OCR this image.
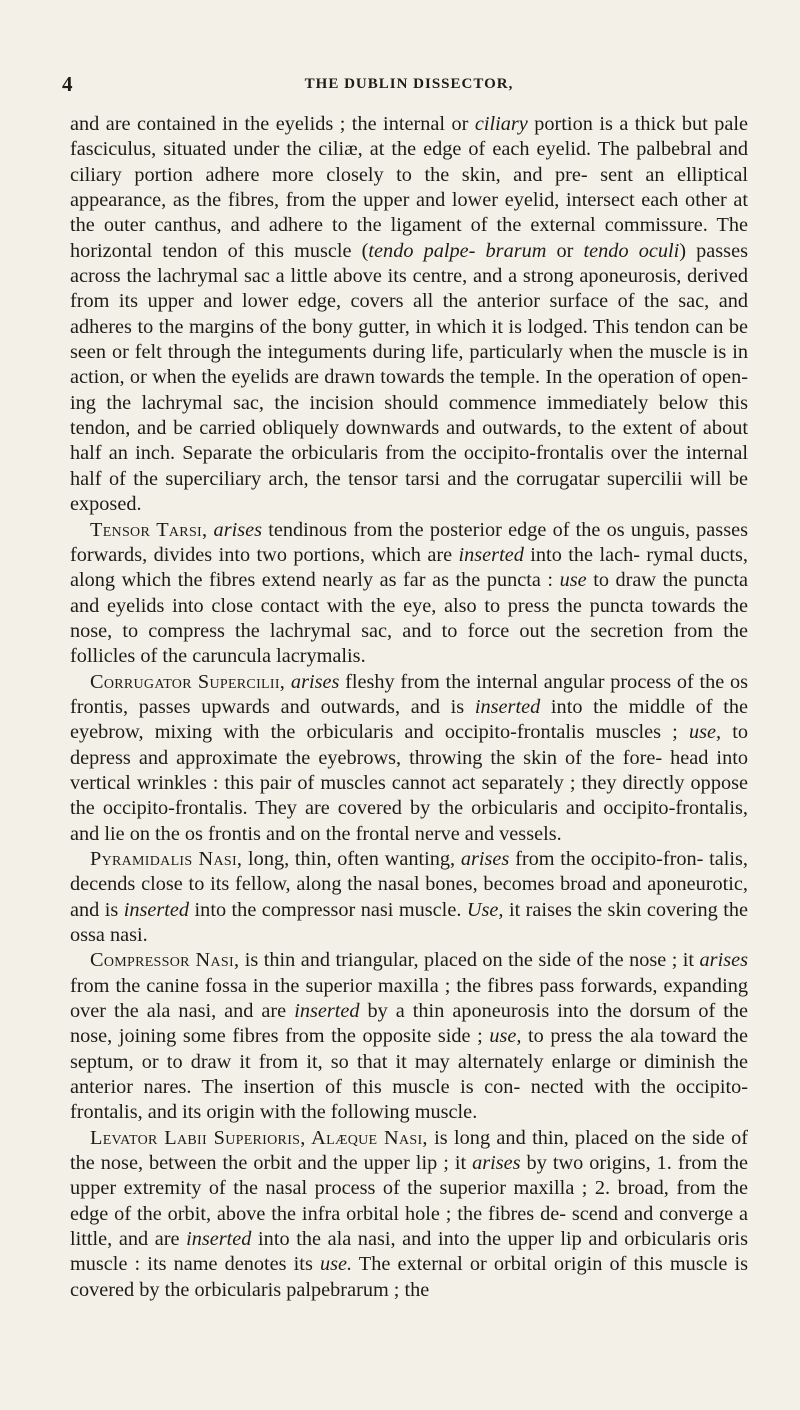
4	THE DUBLIN DISSECTOR,

and are contained in the eyelids ; the internal or ciliary portion is a thick but pale fasciculus, situated under the ciliæ, at the edge of each eyelid. The palbebral and ciliary portion adhere more closely to the skin, and pre- sent an elliptical appearance, as the fibres, from the upper and lower eyelid, intersect each other at the outer canthus, and adhere to the ligament of the external commissure. The horizontal tendon of this muscle (tendo palpe- brarum or tendo oculi) passes across the lachrymal sac a little above its centre, and a strong aponeurosis, derived from its upper and lower edge, covers all the anterior surface of the sac, and adheres to the margins of the bony gutter, in which it is lodged. This tendon can be seen or felt through the integuments during life, particularly when the muscle is in action, or when the eyelids are drawn towards the temple. In the operation of open- ing the lachrymal sac, the incision should commence immediately below this tendon, and be carried obliquely downwards and outwards, to the extent of about half an inch. Separate the orbicularis from the occipito-frontalis over the internal half of the superciliary arch, the tensor tarsi and the corrugatar supercilii will be exposed.

Tensor Tarsi, arises tendinous from the posterior edge of the os unguis, passes forwards, divides into two portions, which are inserted into the lach- rymal ducts, along which the fibres extend nearly as far as the puncta : use to draw the puncta and eyelids into close contact with the eye, also to press the puncta towards the nose, to compress the lachrymal sac, and to force out the secretion from the follicles of the caruncula lacrymalis.

Corrugator Supercilii, arises fleshy from the internal angular process of the os frontis, passes upwards and outwards, and is inserted into the middle of the eyebrow, mixing with the orbicularis and occipito-frontalis muscles ; use, to depress and approximate the eyebrows, throwing the skin of the fore- head into vertical wrinkles : this pair of muscles cannot act separately ; they directly oppose the occipito-frontalis. They are covered by the orbicularis and occipito-frontalis, and lie on the os frontis and on the frontal nerve and vessels.

Pyramidalis Nasi, long, thin, often wanting, arises from the occipito-fron- talis, decends close to its fellow, along the nasal bones, becomes broad and aponeurotic, and is inserted into the compressor nasi muscle. Use, it raises the skin covering the ossa nasi.

Compressor Nasi, is thin and triangular, placed on the side of the nose ; it arises from the canine fossa in the superior maxilla ; the fibres pass forwards, expanding over the ala nasi, and are inserted by a thin aponeurosis into the dorsum of the nose, joining some fibres from the opposite side ; use, to press the ala toward the septum, or to draw it from it, so that it may alternately enlarge or diminish the anterior nares. The insertion of this muscle is con- nected with the occipito-frontalis, and its origin with the following muscle.

Levator Labii Superioris, Alæque Nasi, is long and thin, placed on the side of the nose, between the orbit and the upper lip ; it arises by two origins, 1. from the upper extremity of the nasal process of the superior maxilla ; 2. broad, from the edge of the orbit, above the infra orbital hole ; the fibres de- scend and converge a little, and are inserted into the ala nasi, and into the upper lip and orbicularis oris muscle : its name denotes its use. The external or orbital origin of this muscle is covered by the orbicularis palpebrarum ; the
